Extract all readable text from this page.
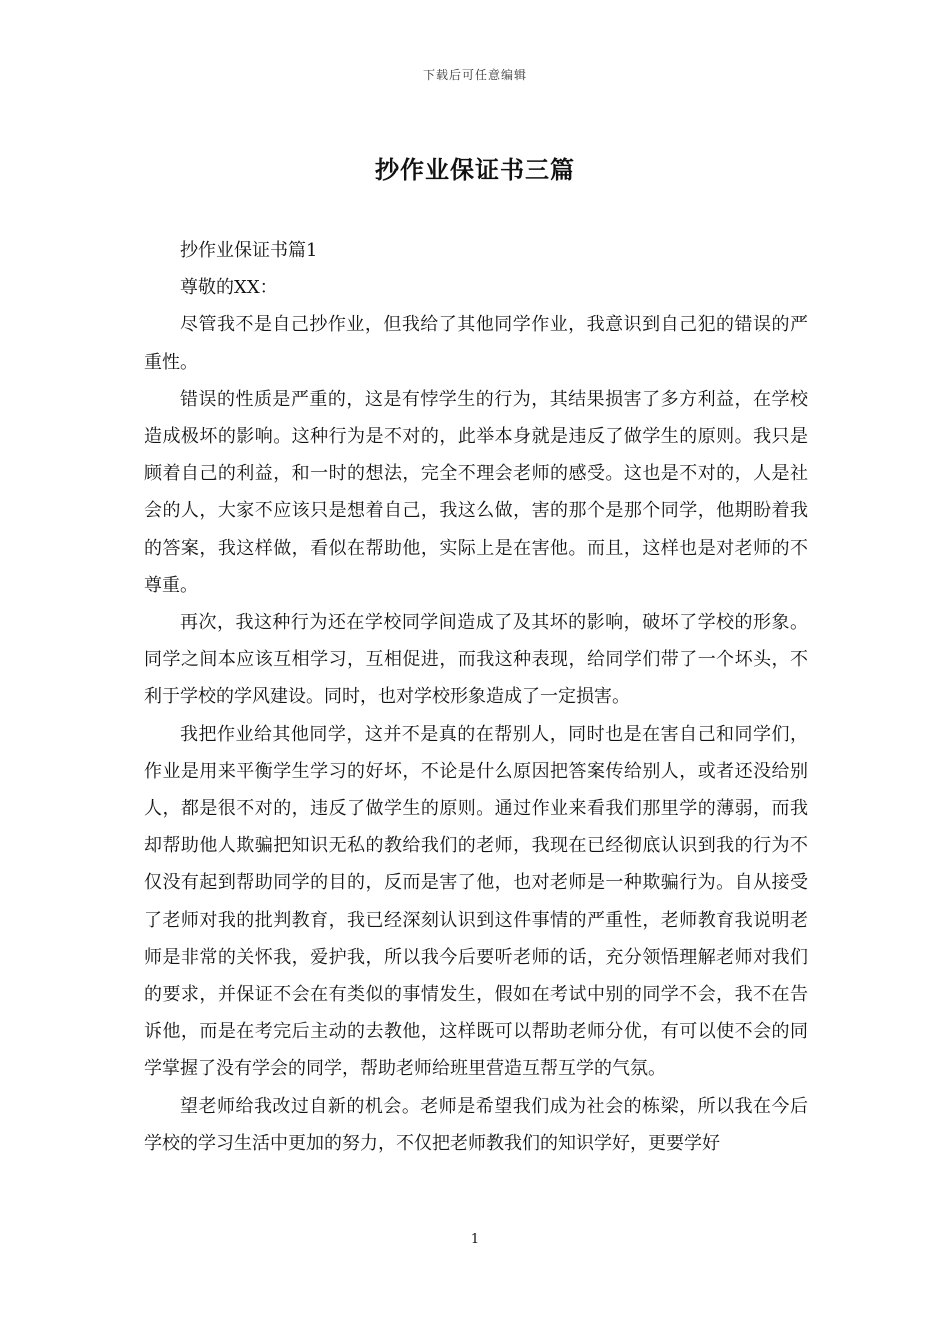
下载后可任意编辑
抄作业保证书三篇

抄作业保证书篇1

尊敬的XX：

尽管我不是自己抄作业，但我给了其他同学作业，我意识到自己犯的错误的严重性。

错误的性质是严重的，这是有悖学生的行为，其结果损害了多方利益，在学校造成极坏的影响。这种行为是不对的，此举本身就是违反了做学生的原则。我只是顾着自己的利益，和一时的想法，完全不理会老师的感受。这也是不对的，人是社会的人，大家不应该只是想着自己，我这么做，害的那个是那个同学，他期盼着我的答案，我这样做，看似在帮助他，实际上是在害他。而且，这样也是对老师的不尊重。

再次，我这种行为还在学校同学间造成了及其坏的影响，破坏了学校的形象。同学之间本应该互相学习，互相促进，而我这种表现，给同学们带了一个坏头，不利于学校的学风建设。同时，也对学校形象造成了一定损害。

我把作业给其他同学，这并不是真的在帮别人，同时也是在害自己和同学们，作业是用来平衡学生学习的好坏，不论是什么原因把答案传给别人，或者还没给别人，都是很不对的，违反了做学生的原则。通过作业来看我们那里学的薄弱，而我却帮助他人欺骗把知识无私的教给我们的老师，我现在已经彻底认识到我的行为不仅没有起到帮助同学的目的，反而是害了他，也对老师是一种欺骗行为。自从接受了老师对我的批判教育，我已经深刻认识到这件事情的严重性，老师教育我说明老师是非常的关怀我，爱护我，所以我今后要听老师的话，充分领悟理解老师对我们的要求，并保证不会在有类似的事情发生，假如在考试中别的同学不会，我不在告诉他，而是在考完后主动的去教他，这样既可以帮助老师分优，有可以使不会的同学掌握了没有学会的同学，帮助老师给班里营造互帮互学的气氛。

望老师给我改过自新的机会。老师是希望我们成为社会的栋梁，所以我在今后学校的学习生活中更加的努力，不仅把老师教我们的知识学好，更要学好

1
